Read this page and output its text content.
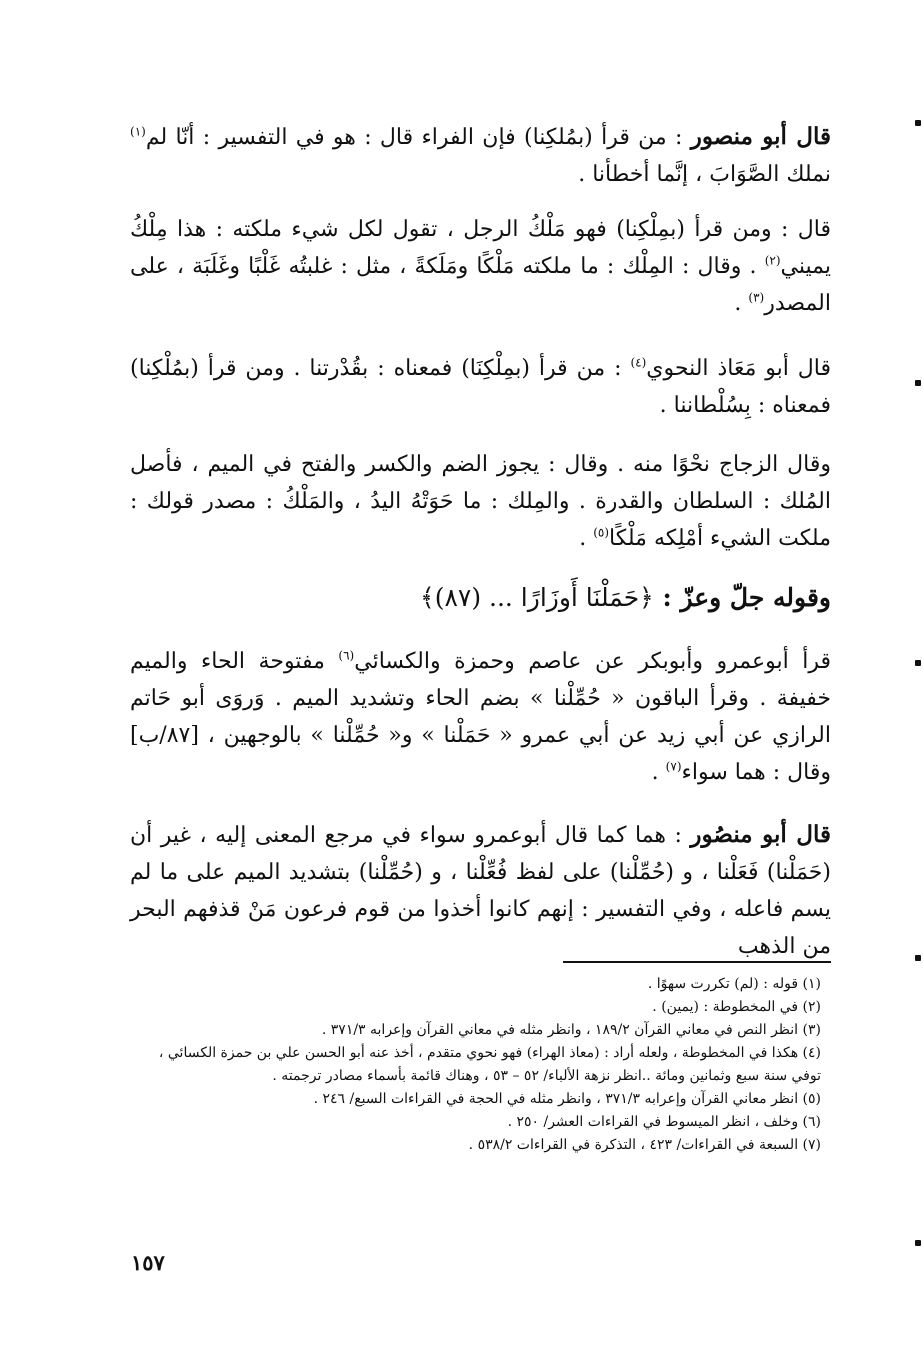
قال أبو منصور : من قرأ (بمُلكِنا) فإن الفراء قال : هو في التفسير : أنّا لم$^{(١)}$ نملك الصَّوَابَ ، إنَّما أخطأنا .
قال : ومن قرأ (بمِلْكِنا) فهو مَلْكُ الرجل ، تقول لكل شيء ملكته : هذا مِلْكُ يميني$^{(٢)}$ . وقال : المِلْك : ما ملكته مَلْكًا ومَلَكةً ، مثل : غلبتُه غَلْبًا وغَلَبَة ، على المصدر$^{(٣)}$ .
قال أبو مَعَاذ النحوي$^{(٤)}$ : من قرأ (بمِلْكِنَا) فمعناه : بقُدْرتنا . ومن قرأ (بمُلْكِنا) فمعناه : بِسُلْطاننا .
وقال الزجاج نحْوًا منه . وقال : يجوز الضم والكسر والفتح في الميم ، فأصل المُلك : السلطان والقدرة . والمِلك : ما حَوَتْهُ اليدُ ، والمَلْكُ : مصدر قولك : ملكت الشيء أمْلِكه مَلْكًا$^{(٥)}$ .
وقوله جلّ وعزّ : ﴿حَمَلْنَا أَوزَارًا ... (٨٧)﴾
قرأ أبوعمرو وأبوبكر عن عاصم وحمزة والكسائي$^{(٦)}$ مفتوحة الحاء والميم خفيفة . وقرأ الباقون « حُمِّلْنا » بضم الحاء وتشديد الميم . وَروَى أبو حَاتم الرازي عن أبي زيد عن أبي عمرو « حَمَلْنا » و« حُمِّلْنا » بالوجهين ، [٨٧/ب] وقال : هما سواء$^{(٧)}$ .
قال أبو منصُور : هما كما قال أبوعمرو سواء في مرجع المعنى إليه ، غير أن (حَمَلْنا) فَعَلْنا ، و (حُمِّلْنا) على لفظ فُعِّلْنا ، و (حُمِّلْنا) بتشديد الميم على ما لم يسم فاعله ، وفي التفسير : إنهم كانوا أخذوا من قوم فرعون مَنْ قذفهم البحر من الذهب

(١) قوله : (لم) تكررت سهوًا .

(٢) في المخطوطة : (يمين) .

(٣) انظر النص في معاني القرآن ١٨٩/٢ ، وانظر مثله في معاني القرآن وإعرابه ٣٧١/٣ .

(٤) هكذا في المخطوطة ، ولعله أراد : (معاذ الهراء) فهو نحوي متقدم ، أخذ عنه أبو الحسن علي بن حمزة الكسائي ، توفي سنة سبع وثمانين ومائة ..انظر نزهة الألباء/ ٥٢ – ٥٣ ، وهناك قائمة بأسماء مصادر ترجمته .

(٥) انظر معاني القرآن وإعرابه ٣٧١/٣ ، وانظر مثله في الحجة في القراءات السبع/ ٢٤٦ .

(٦) وخلف ، انظر الميسوط في القراءات العشر/ ٢٥٠ .

(٧) السبعة في القراءات/ ٤٢٣ ، التذكرة في القراءات ٥٣٨/٢ .

١٥٧
